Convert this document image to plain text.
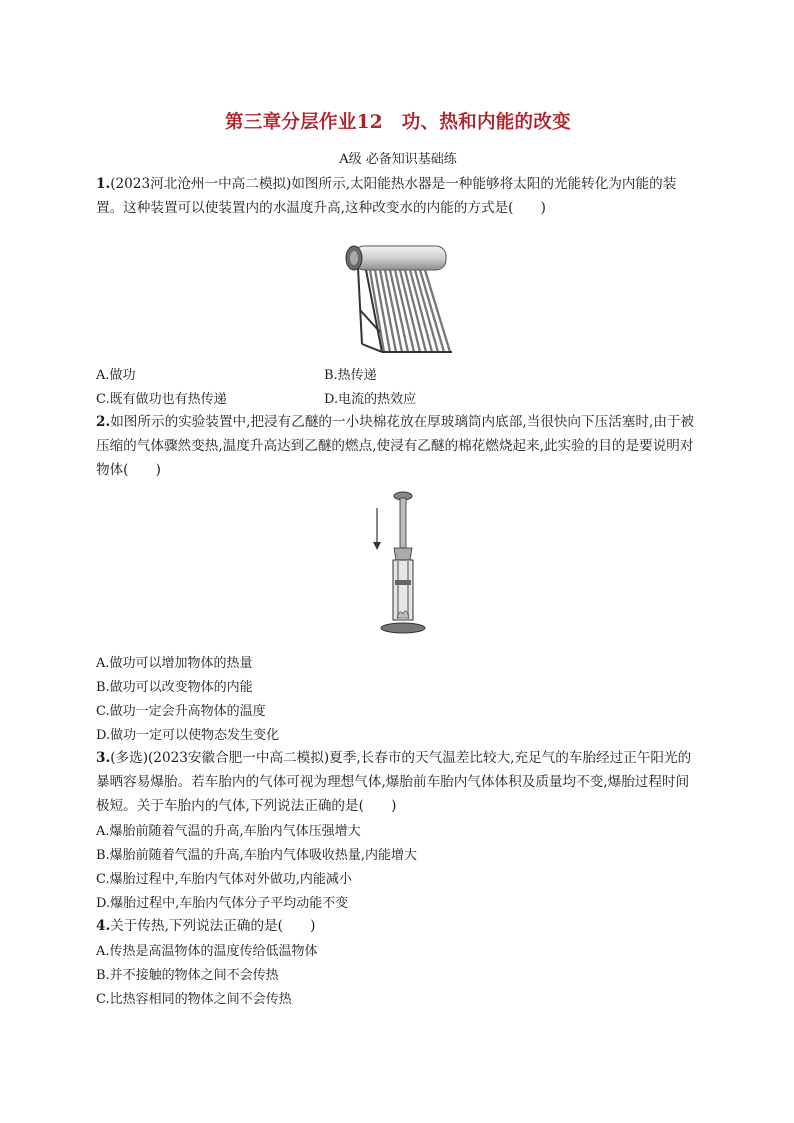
第三章分层作业12　功、热和内能的改变
A级 必备知识基础练
1.(2023河北沧州一中高二模拟)如图所示,太阳能热水器是一种能够将太阳的光能转化为内能的装置。这种装置可以使装置内的水温度升高,这种改变水的内能的方式是(　　)
A.做功	B.热传递
C.既有做功也有热传递	D.电流的热效应
2.如图所示的实验装置中,把浸有乙醚的一小块棉花放在厚玻璃筒内底部,当很快向下压活塞时,由于被压缩的气体骤然变热,温度升高达到乙醚的燃点,使浸有乙醚的棉花燃烧起来,此实验的目的是要说明对物体(　　)
A.做功可以增加物体的热量
B.做功可以改变物体的内能
C.做功一定会升高物体的温度
D.做功一定可以使物态发生变化
3.(多选)(2023安徽合肥一中高二模拟)夏季,长春市的天气温差比较大,充足气的车胎经过正午阳光的暴晒容易爆胎。若车胎内的气体可视为理想气体,爆胎前车胎内气体体积及质量均不变,爆胎过程时间极短。关于车胎内的气体,下列说法正确的是(　　)
A.爆胎前随着气温的升高,车胎内气体压强增大
B.爆胎前随着气温的升高,车胎内气体吸收热量,内能增大
C.爆胎过程中,车胎内气体对外做功,内能减小
D.爆胎过程中,车胎内气体分子平均动能不变
4.关于传热,下列说法正确的是(　　)
A.传热是高温物体的温度传给低温物体
B.并不接触的物体之间不会传热
C.比热容相同的物体之间不会传热
